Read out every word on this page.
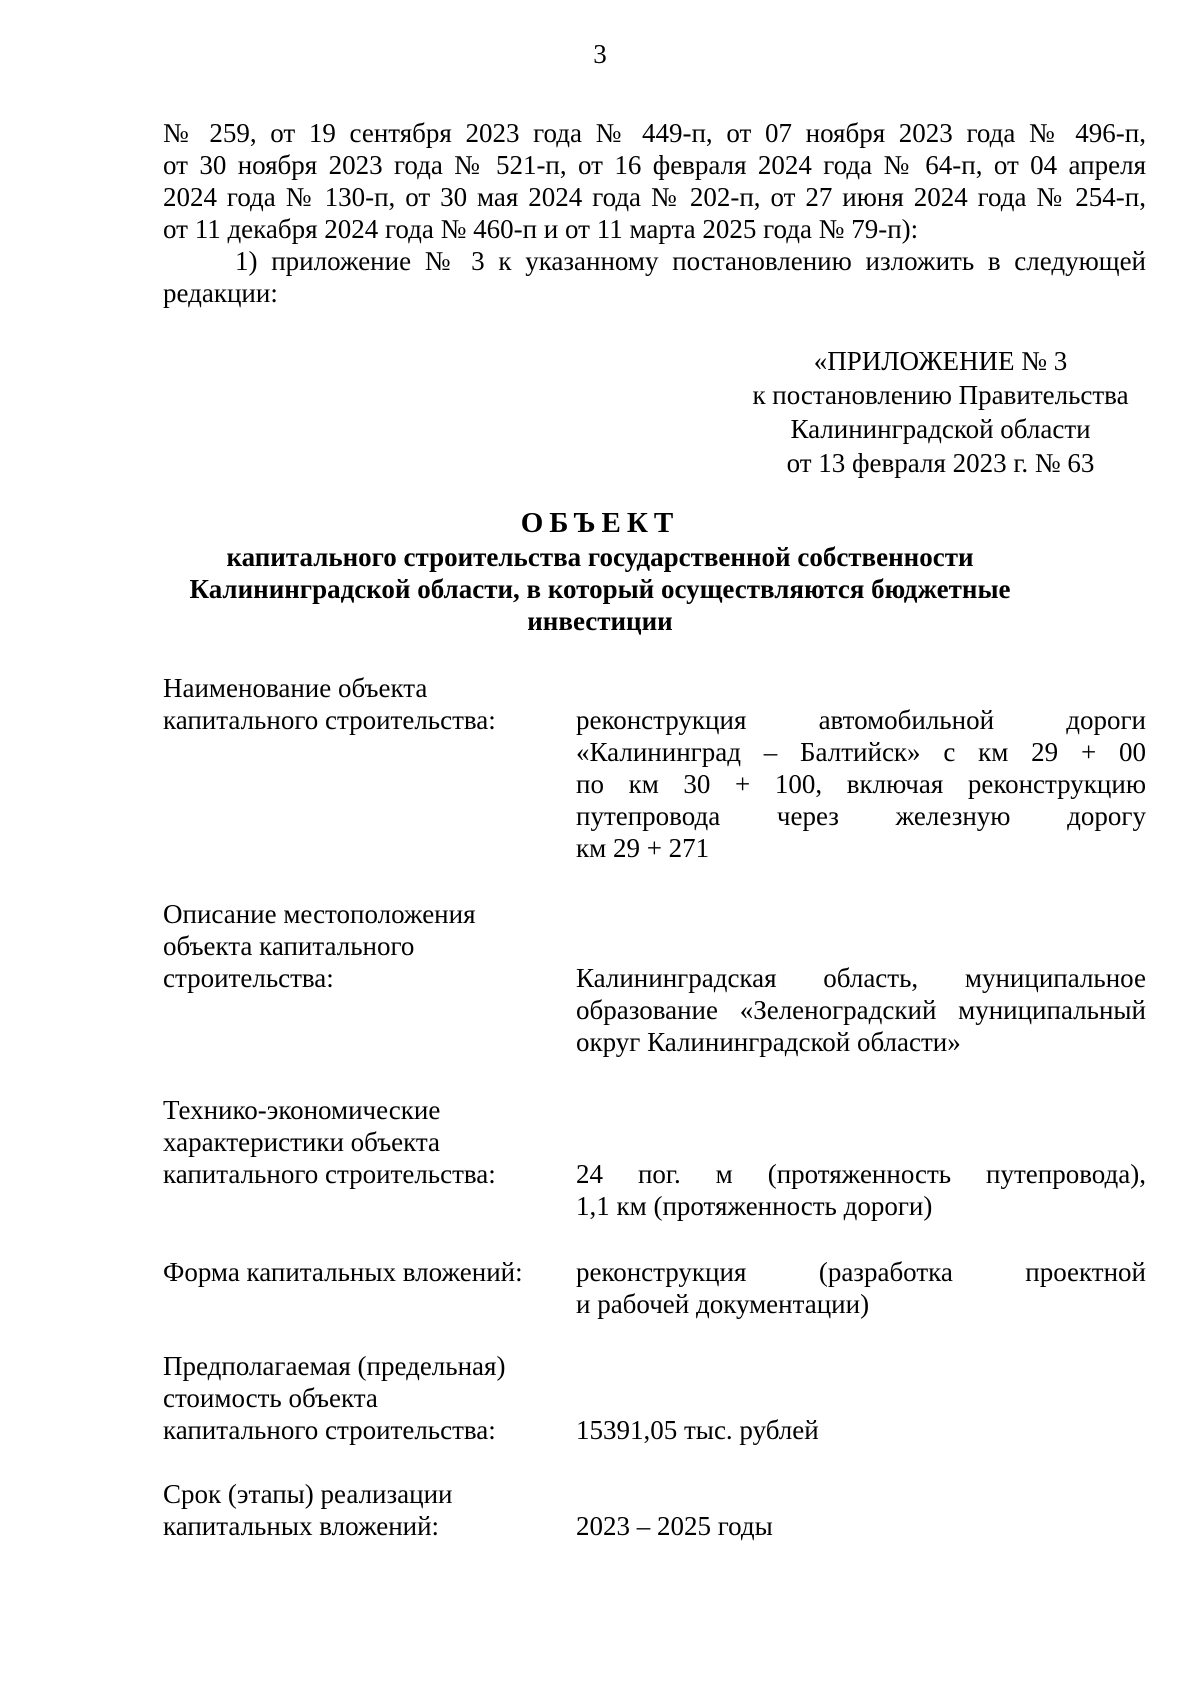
3

№ 259, от 19 сентября 2023 года № 449-п, от 07 ноября 2023 года № 496-п,

от 30 ноября 2023 года № 521-п, от 16 февраля 2024 года № 64-п, от 04 апреля

2024 года № 130-п, от 30 мая 2024 года № 202-п, от 27 июня 2024 года № 254-п,

от 11 декабря 2024 года № 460-п и от 11 марта 2025 года № 79-п):

1) приложение № 3 к указанному постановлению изложить в следующей

редакции:

«ПРИЛОЖЕНИЕ № 3
к постановлению Правительства
Калининградской области
от 13 февраля 2023 г. № 63
ОБЪЕКТ
капитального строительства государственной собственности
Калининградской области, в который осуществляются бюджетные
инвестиции
Наименование объекта
капитального строительства:	реконструкция автомобильной дороги
«Калининград – Балтийск» с км 29 + 00
по км 30 + 100, включая реконструкцию
путепровода через железную дорогу
км 29 + 271
Описание местоположения
объекта капитального
строительства:	Калининградская область, муниципальное
образование «Зеленоградский муниципальный
округ Калининградской области»
Технико-экономические
характеристики объекта
капитального строительства:	24 пог. м (протяженность путепровода),
1,1 км (протяженность дороги)
Форма капитальных вложений:	реконструкция (разработка проектной
и рабочей документации)
Предполагаемая (предельная)
стоимость объекта
капитального строительства:	15391,05 тыс. рублей
Срок (этапы) реализации
капитальных вложений:	2023 – 2025 годы
